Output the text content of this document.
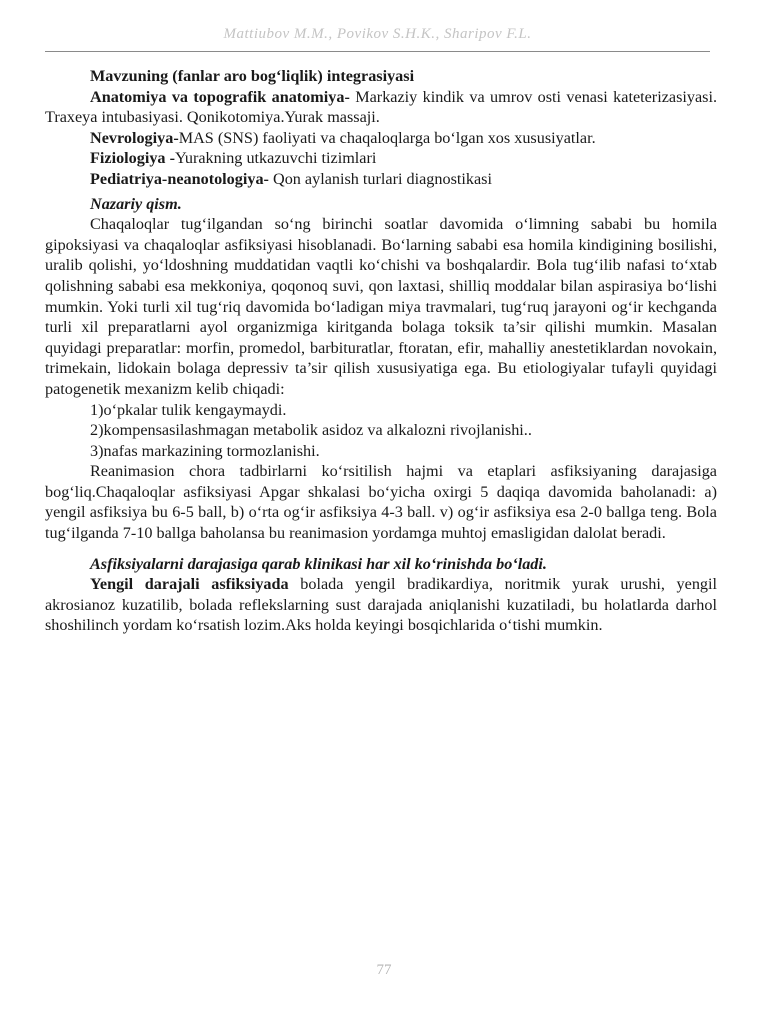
Mattiubov M.M., Povikov S.H.K., Sharipov F.L.

Mavzuning (fanlar aro bog‘liqlik) integrasiyasi

Anatomiya va topografik anatomiya- Markaziy kindik va umrov osti venasi kateterizasiyasi. Traxeya intubasiyasi. Qonikotomiya.Yurak massaji.

Nevrologiya-MAS (SNS) faoliyati va chaqaloqlarga bo‘lgan xos xususiyatlar.

Fiziologiya -Yurakning utkazuvchi tizimlari

Pediatriya-neanotologiya- Qon aylanish turlari diagnostikasi

Nazariy qism.

Chaqaloqlar tug‘ilgandan so‘ng birinchi soatlar davomida o‘limning sababi bu homila gipoksiyasi va chaqaloqlar asfiksiyasi hisoblanadi. Bo‘larning sababi esa homila kindigining bosilishi, uralib qolishi, yo‘ldoshning muddatidan vaqtli ko‘chishi va boshqalardir. Bola tug‘ilib nafasi to‘xtab qolishning sababi esa mekkoniya, qoqonoq suvi, qon laxtasi, shilliq moddalar bilan aspirasiya bo‘lishi mumkin. Yoki turli xil tug‘riq davomida bo‘ladigan miya travmalari, tug‘ruq jarayoni og‘ir kechganda turli xil preparatlarni ayol organizmiga kiritganda bolaga toksik ta’sir qilishi mumkin. Masalan quyidagi preparatlar: morfin, promedol, barbituratlar, ftoratan, efir, mahalliy anestetiklardan novokain, trimekain, lidokain bolaga depressiv ta’sir qilish xususiyatiga ega. Bu etiologiyalar tufayli quyidagi patogenetik mexanizm kelib chiqadi:

1)o‘pkalar tulik kengaymaydi.

2)kompensasilashmagan metabolik asidoz va alkalozni rivojlanishi..

3)nafas markazining tormozlanishi.

Reanimasion chora tadbirlarni ko‘rsitilish hajmi va etaplari asfiksiyaning darajasiga bog‘liq.Chaqaloqlar asfiksiyasi Apgar shkalasi bo‘yicha oxirgi 5 daqiqa davomida baholanadi: a) yengil asfiksiya bu 6-5 ball, b) o‘rta og‘ir asfiksiya 4-3 ball. v) og‘ir asfiksiya esa 2-0 ballga teng. Bola tug‘ilganda 7-10 ballga baholansa bu reanimasion yordamga muhtoj emasligidan dalolat beradi.

Asfiksiyalarni darajasiga qarab klinikasi har xil ko‘rinishda bo‘ladi.

Yengil darajali asfiksiyada bolada yengil bradikardiya, noritmik yurak urushi, yengil akrosianoz kuzatilib, bolada reflekslarning sust darajada aniqlanishi kuzatiladi, bu holatlarda darhol shoshilinch yordam ko‘rsatish lozim.Aks holda keyingi bosqichlarida o‘tishi mumkin.

77
